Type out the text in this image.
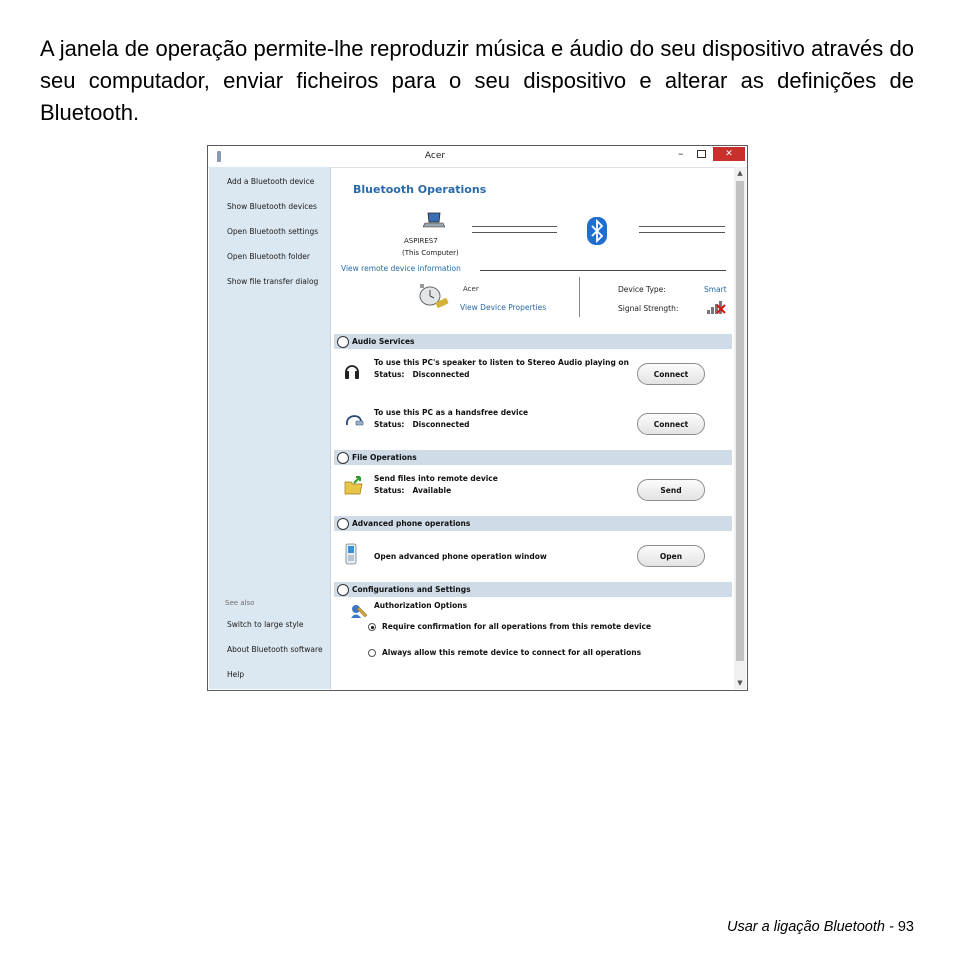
A janela de operação permite-lhe reproduzir música e áudio do seu dispositivo através do seu computador, enviar ficheiros para o seu dispositivo e alterar as definições de Bluetooth.

Acer	–	✕
Add a Bluetooth device
Show Bluetooth devices
Open Bluetooth settings
Open Bluetooth folder
Show file transfer dialog
See also
Switch to large style
About Bluetooth software
Help
Bluetooth Operations
ASPIRES7
(This Computer)
View remote device information
Acer
View Device Properties
Device Type:	Smart
Signal Strength:
Audio Services
To use this PC's speaker to listen to Stereo Audio playing on
Status: Disconnected	Connect
To use this PC as a handsfree device
Status: Disconnected	Connect
File Operations
Send files into remote device
Status: Available	Send
Advanced phone operations
Open advanced phone operation window	Open
Configurations and Settings
Authorization Options
Require confirmation for all operations from this remote device
Always allow this remote device to connect for all operations
▲
▼
Usar a ligação Bluetooth - 93
